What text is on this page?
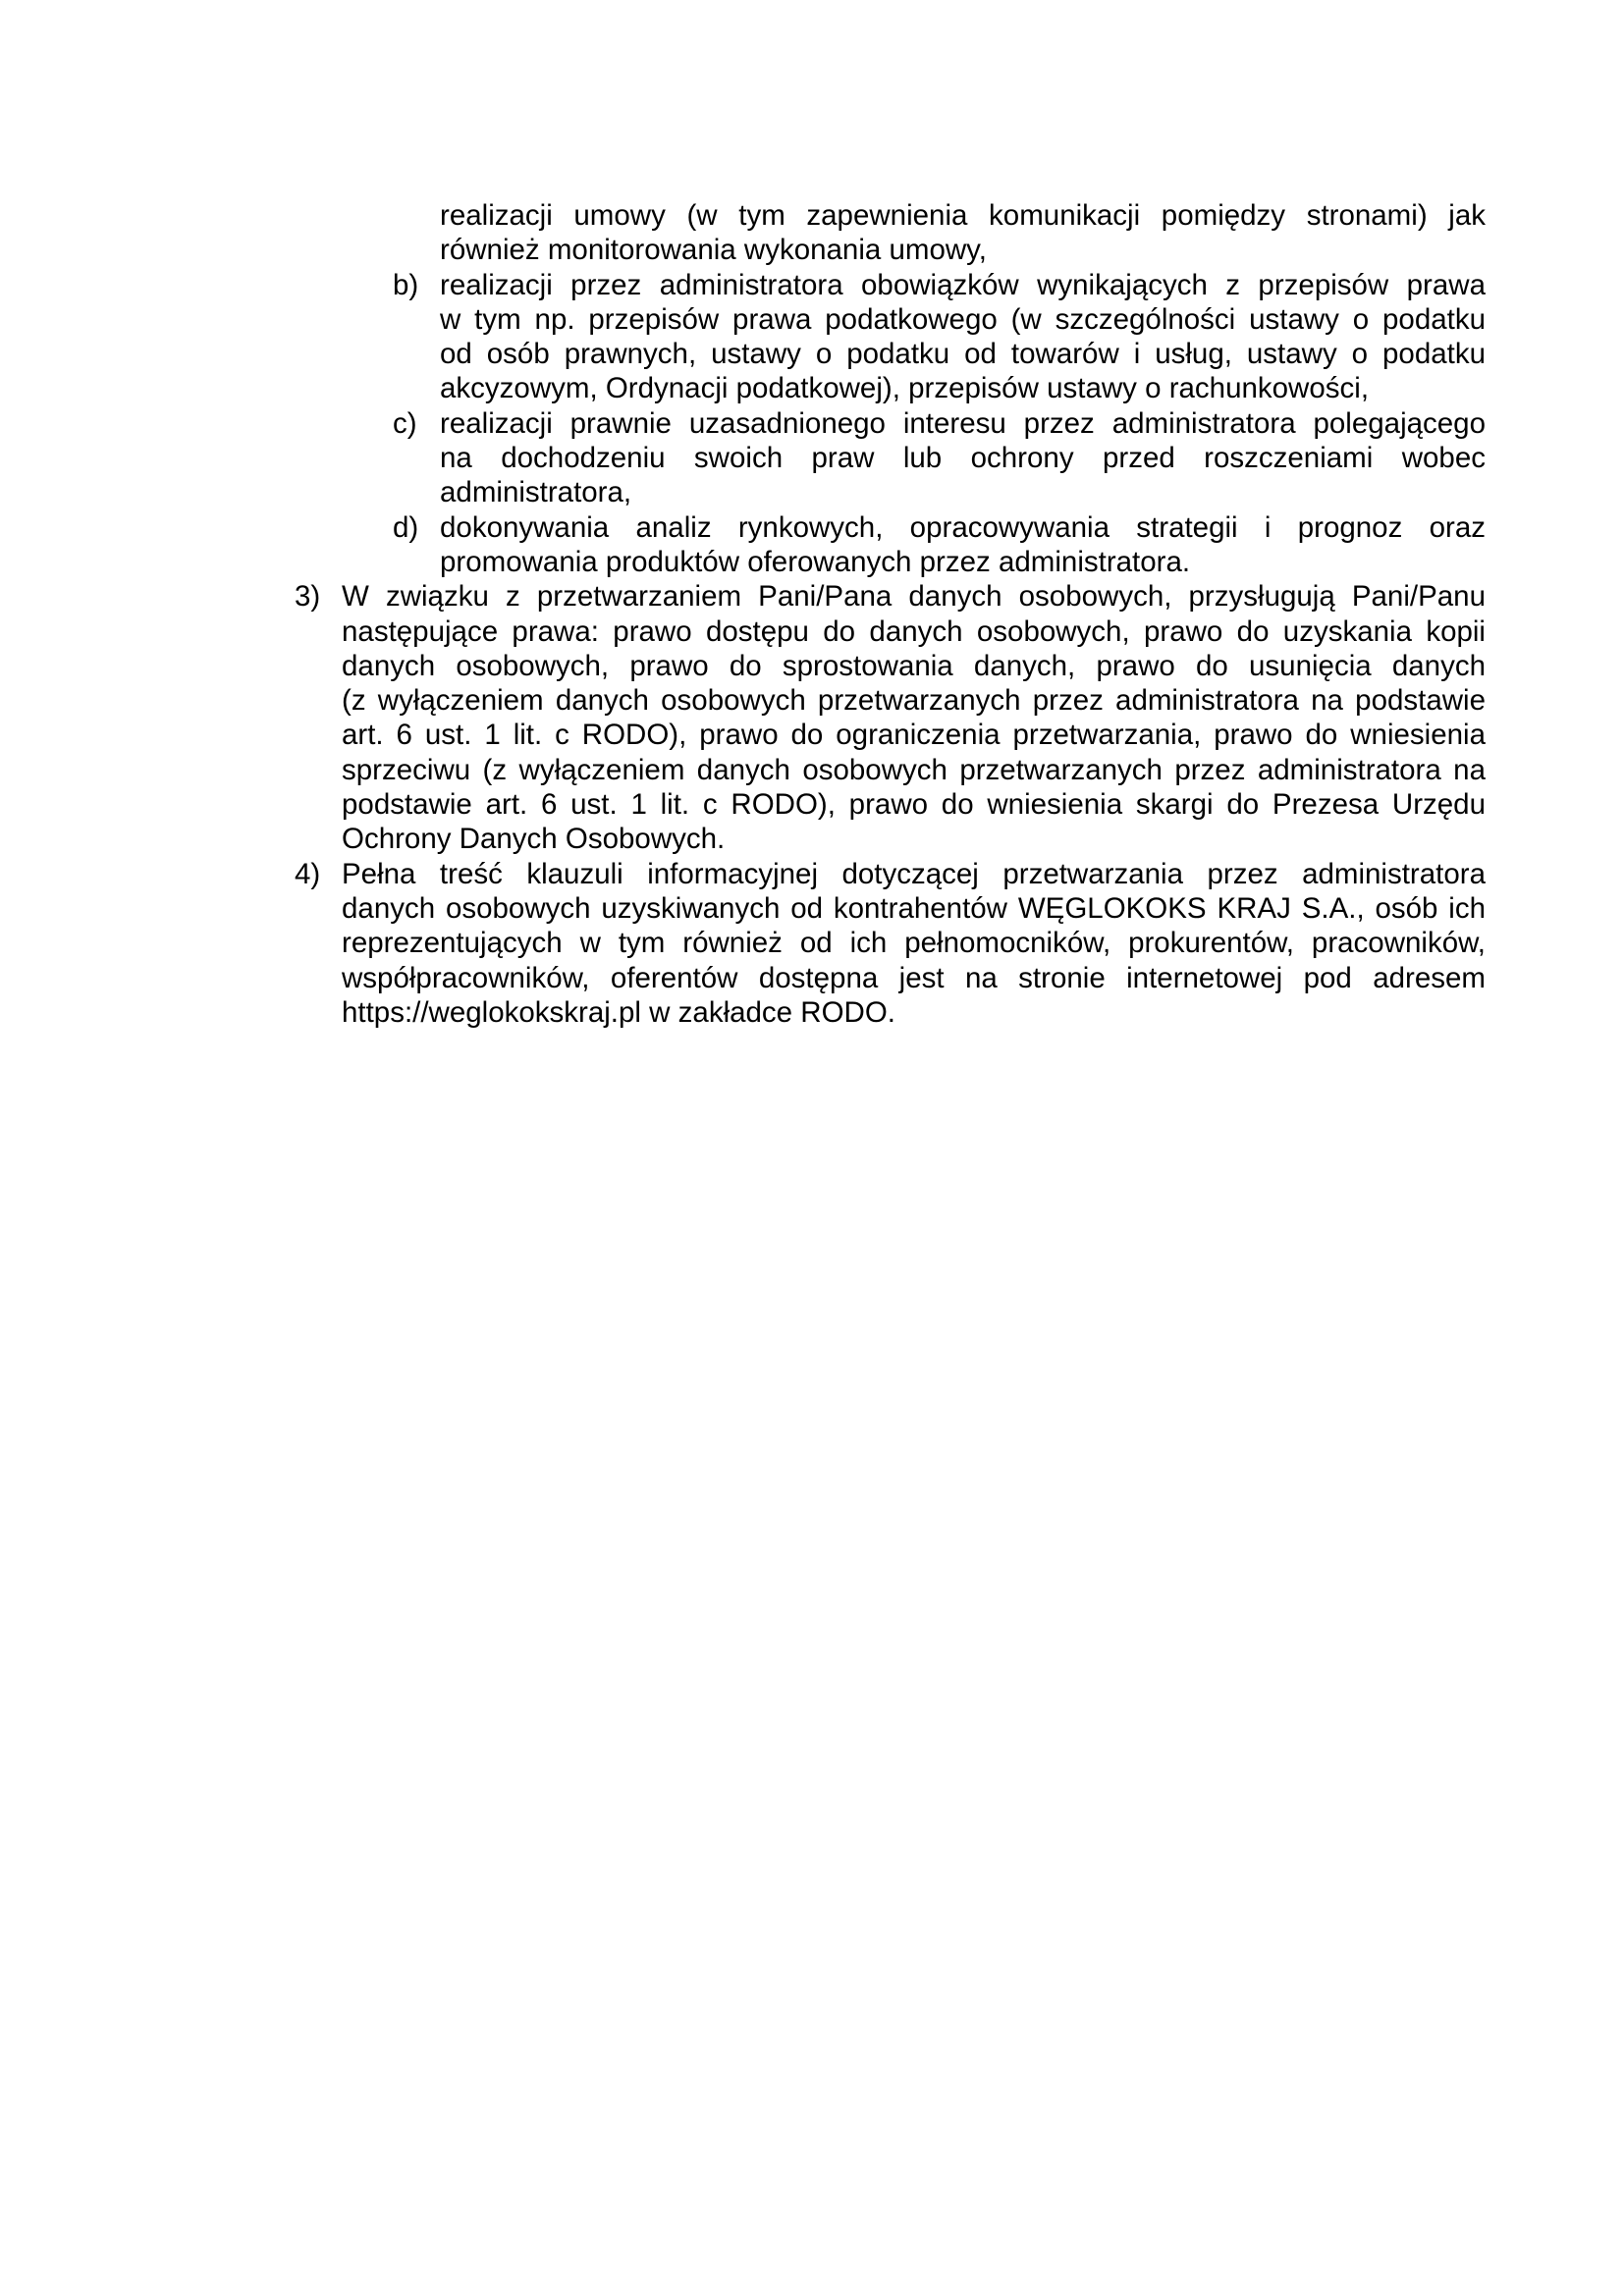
realizacji umowy (w tym zapewnienia komunikacji pomiędzy stronami) jak
również monitorowania wykonania umowy,
b) realizacji przez administratora obowiązków wynikających z przepisów prawa
w tym np. przepisów prawa podatkowego (w szczególności ustawy o podatku
od osób prawnych, ustawy o podatku od towarów i usług, ustawy o podatku
akcyzowym, Ordynacji podatkowej), przepisów ustawy o rachunkowości,
c) realizacji prawnie uzasadnionego interesu przez administratora polegającego
na dochodzeniu swoich praw lub ochrony przed roszczeniami wobec
administratora,
d) dokonywania analiz rynkowych, opracowywania strategii i prognoz oraz
promowania produktów oferowanych przez administratora.
3) W związku z przetwarzaniem Pani/Pana danych osobowych, przysługują Pani/Panu
następujące prawa: prawo dostępu do danych osobowych, prawo do uzyskania kopii
danych osobowych, prawo do sprostowania danych, prawo do usunięcia danych
(z wyłączeniem danych osobowych przetwarzanych przez administratora na podstawie
art. 6 ust. 1 lit. c RODO), prawo do ograniczenia przetwarzania, prawo do wniesienia
sprzeciwu (z wyłączeniem danych osobowych przetwarzanych przez administratora na
podstawie art. 6 ust. 1 lit. c RODO), prawo do wniesienia skargi do Prezesa Urzędu
Ochrony Danych Osobowych.
4) Pełna treść klauzuli informacyjnej dotyczącej przetwarzania przez administratora
danych osobowych uzyskiwanych od kontrahentów WĘGLOKOKS KRAJ S.A., osób ich
reprezentujących w tym również od ich pełnomocników, prokurentów, pracowników,
współpracowników, oferentów dostępna jest na stronie internetowej pod adresem
https://weglokokskraj.pl w zakładce RODO.
